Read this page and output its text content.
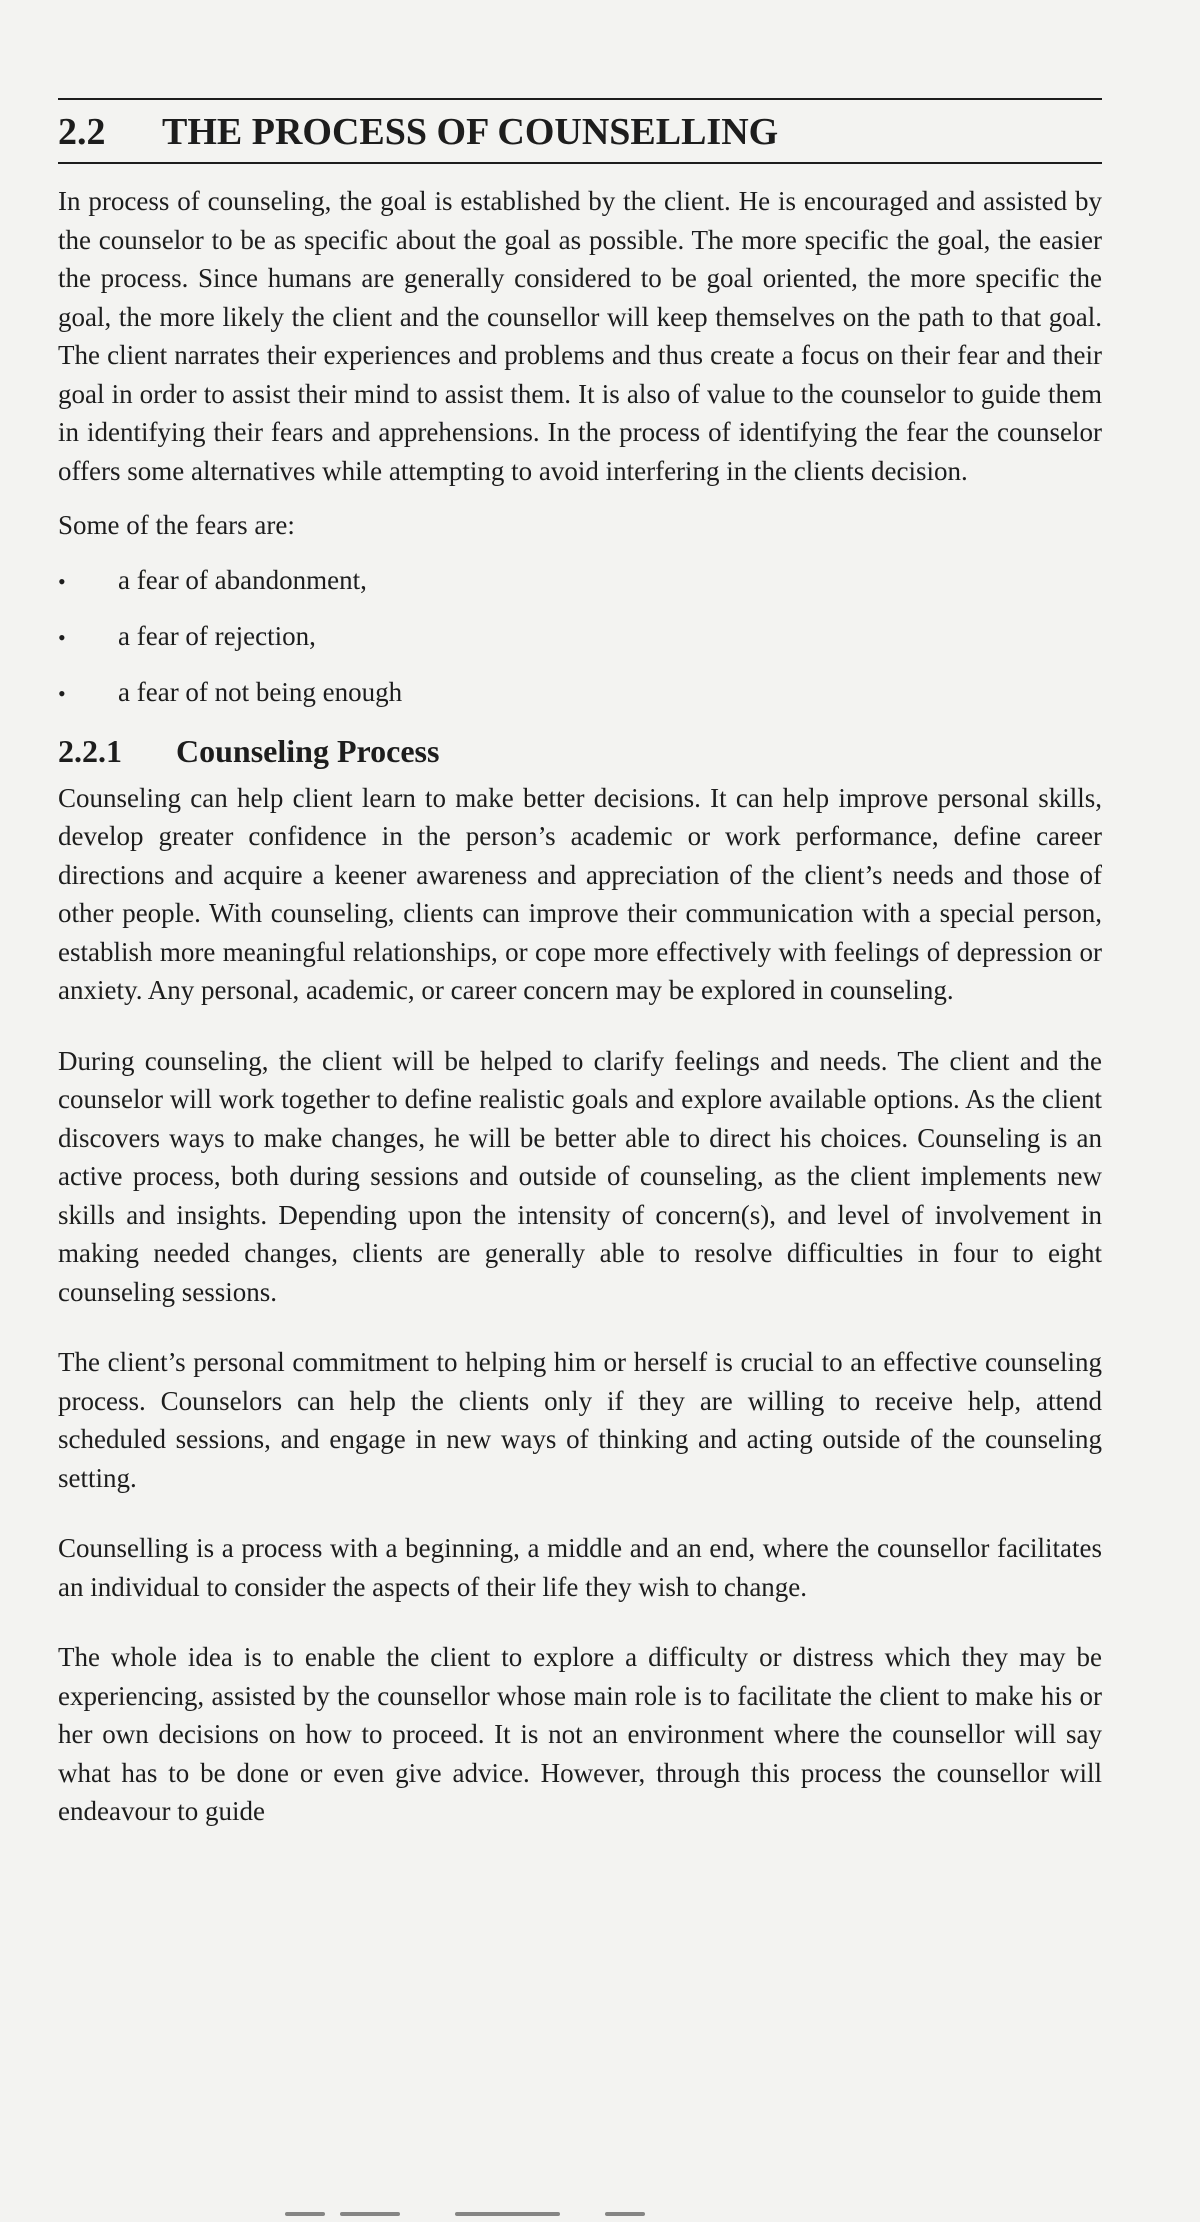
2.2	THE PROCESS OF COUNSELLING

In process of counseling, the goal is established by the client. He is encouraged and assisted by the counselor to be as specific about the goal as possible. The more specific the goal, the easier the process. Since humans are generally considered to be goal oriented, the more specific the goal, the more likely the client and the counsellor will keep themselves on the path to that goal. The client narrates their experiences and problems and thus create a focus on their fear and their goal in order to assist their mind to assist them. It is also of value to the counselor to guide them in identifying their fears and apprehensions. In the process of identifying the fear the counselor offers some alternatives while attempting to avoid interfering in the clients decision.

Some of the fears are:

•	a fear of abandonment,
•	a fear of rejection,
•	a fear of not being enough
2.2.1	Counseling Process

Counseling can help client learn to make better decisions. It can help improve personal skills, develop greater confidence in the person’s academic or work performance, define career directions and acquire a keener awareness and appreciation of the client’s needs and those of other people. With counseling, clients can improve their communication with a special person, establish more meaningful relationships, or cope more effectively with feelings of depression or anxiety. Any personal, academic, or career concern may be explored in counseling.

During counseling, the client will be helped to clarify feelings and needs. The client and the counselor will work together to define realistic goals and explore available options. As the client discovers ways to make changes, he will be better able to direct his choices. Counseling is an active process, both during sessions and outside of counseling, as the client implements new skills and insights. Depending upon the intensity of concern(s), and level of involvement in making needed changes, clients are generally able to resolve difficulties in four to eight counseling sessions.

The client’s personal commitment to helping him or herself is crucial to an effective counseling process. Counselors can help the clients only if they are willing to receive help, attend scheduled sessions, and engage in new ways of thinking and acting outside of the counseling setting.

Counselling is a process with a beginning, a middle and an end, where the counsellor facilitates an individual to consider the aspects of their life they wish to change.

The whole idea is to enable the client to explore a difficulty or distress which they may be experiencing, assisted by the counsellor whose main role is to facilitate the client to make his or her own decisions on how to proceed. It is not an environment where the counsellor will say what has to be done or even give advice. However, through this process the counsellor will endeavour to guide
